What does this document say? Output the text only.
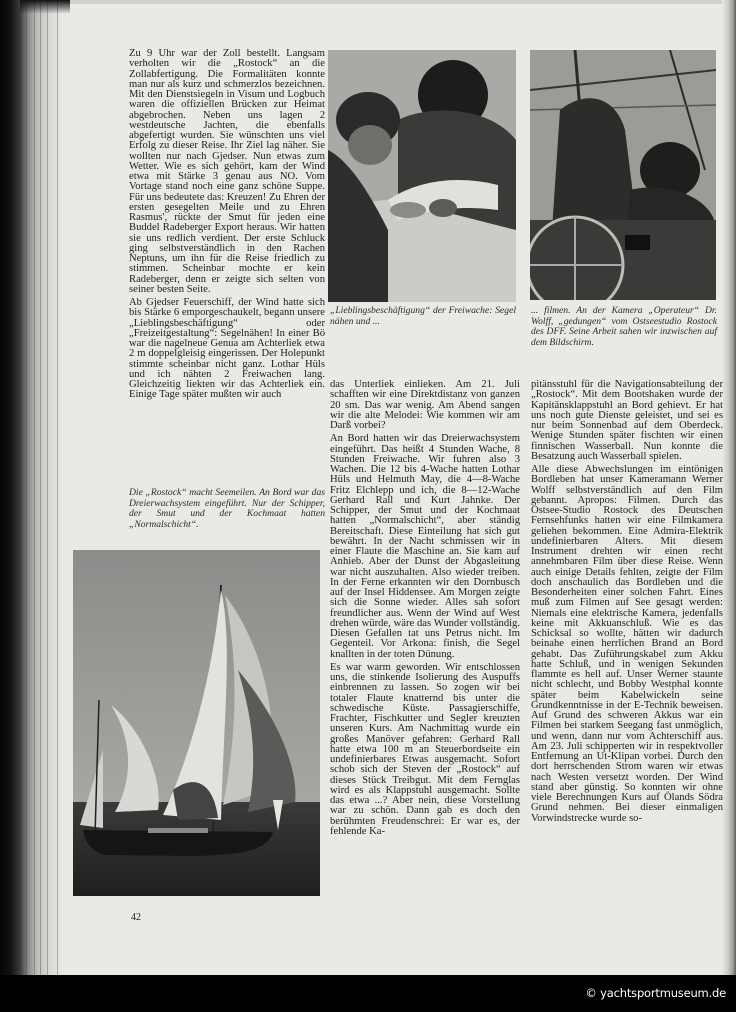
Zu 9 Uhr war der Zoll bestellt. Langsam verholten wir die „Rostock“ an die Zollabfertigung. Die Formalitäten konnte man nur als kurz und schmerzlos bezeichnen. Mit den Dienstsiegeln in Visum und Logbuch waren die offiziellen Brücken zur Heimat abgebrochen. Neben uns lagen 2 westdeutsche Jachten, die ebenfalls abgefertigt wurden. Sie wünschten uns viel Erfolg zu dieser Reise. Ihr Ziel lag näher. Sie wollten nur nach Gjedser. Nun etwas zum Wetter. Wie es sich gehört, kam der Wind etwa mit Stärke 3 genau aus NO. Vom Vortage stand noch eine ganz schöne Suppe. Für uns bedeutete das: Kreuzen! Zu Ehren der ersten gesegelten Meile und zu Ehren Rasmus', rückte der Smut für jeden eine Buddel Radeberger Export heraus. Wir hatten sie uns redlich verdient. Der erste Schluck ging selbstverständlich in den Rachen Neptuns, um ihn für die Reise friedlich zu stimmen. Scheinbar mochte er kein Radeberger, denn er zeigte sich selten von seiner besten Seite.

Ab Gjedser Feuerschiff, der Wind hatte sich bis Stärke 6 emporgeschaukelt, begann unsere „Lieblingsbeschäftigung“ oder „Freizeitgestaltung“: Segelnähen! In einer Bö war die nagelneue Genua am Achterliek etwa 2 m doppelgleisig eingerissen. Der Holepunkt stimmte scheinbar nicht ganz. Lothar Hüls und ich nähten 2 Freiwachen lang. Gleichzeitig liekten wir das Achterliek ein. Einige Tage später mußten wir auch

Die „Rostock“ macht Seemeilen. An Bord war das Dreierwachsystem eingeführt. Nur der Schipper, der Smut und der Kochmaat hatten „Normalschicht“.
„Lieblingsbeschäftigung“ der Freiwache: Segel nähen und ...

das Unterliek einlieken. Am 21. Juli schafften wir eine Direktdistanz von ganzen 20 sm. Das war wenig. Am Abend sangen wir die alte Melodei: Wie kommen wir am Darß vorbei?

An Bord hatten wir das Dreierwachsystem eingeführt. Das heißt 4 Stunden Wache, 8 Stunden Freiwache. Wir fuhren also 3 Wachen. Die 12 bis 4-Wache hatten Lothar Hüls und Helmuth May, die 4—8-Wache Fritz Elchlepp und ich, die 8—12-Wache Gerhard Rall und Kurt Jahnke. Der Schipper, der Smut und der Kochmaat hatten „Normalschicht“, aber ständig Bereitschaft. Diese Einteilung hat sich gut bewährt. In der Nacht schmissen wir in einer Flaute die Maschine an. Sie kam auf Anhieb. Aber der Dunst der Abgasleitung war nicht auszuhalten. Also wieder treiben. In der Ferne erkannten wir den Dornbusch auf der Insel Hiddensee. Am Morgen zeigte sich die Sonne wieder. Alles sah sofort freundlicher aus. Wenn der Wind auf West drehen würde, wäre das Wunder vollständig. Diesen Gefallen tat uns Petrus nicht. Im Gegenteil. Vor Arkona: finish, die Segel knallten in der toten Dünung.

Es war warm geworden. Wir entschlossen uns, die stinkende Isolierung des Auspuffs einbrennen zu lassen. So zogen wir bei totaler Flaute knatternd bis unter die schwedische Küste. Passagierschiffe, Frachter, Fischkutter und Segler kreuzten unseren Kurs. Am Nachmittag wurde ein großes Manöver gefahren: Gerhard Rall hatte etwa 100 m an Steuerbordseite ein undefinierbares Etwas ausgemacht. Sofort schob sich der Steven der „Rostock“ auf dieses Stück Treibgut. Mit dem Fernglas wird es als Klappstuhl ausgemacht. Sollte das etwa ...? Aber nein, diese Vorstellung war zu schön. Dann gab es doch den berühmten Freudenschrei: Er war es, der fehlende Ka-

... filmen. An der Kamera „Operateur“ Dr. Wolff, „gedungen“ vom Ostseestudio Rostock des DFF. Seine Arbeit sahen wir inzwischen auf dem Bildschirm.

pitänsstuhl für die Navigationsabteilung der „Rostock“. Mit dem Bootshaken wurde der Kapitänsklappstuhl an Bord gehievt. Er hat uns noch gute Dienste geleistet, und sei es nur beim Sonnenbad auf dem Oberdeck. Wenige Stunden später fischten wir einen finnischen Wasserball. Nun konnte die Besatzung auch Wasserball spielen.

Alle diese Abwechslungen im eintönigen Bordleben hat unser Kameramann Werner Wolff selbstverständlich auf den Film gebannt. Apropos: Filmen. Durch das Ostsee-Studio Rostock des Deutschen Fernsehfunks hatten wir eine Filmkamera geliehen bekommen. Eine Admira-Elektrik undefinierbaren Alters. Mit diesem Instrument drehten wir einen recht annehmbaren Film über diese Reise. Wenn auch einige Details fehlten, zeigte der Film doch anschaulich das Bordleben und die Besonderheiten einer solchen Fahrt. Eines muß zum Filmen auf See gesagt werden: Niemals eine elektrische Kamera, jedenfalls keine mit Akkuanschluß. Wie es das Schicksal so wollte, hätten wir dadurch beinahe einen herrlichen Brand an Bord gehabt. Das Zuführungskabel zum Akku hatte Schluß, und in wenigen Sekunden flammte es hell auf. Unser Werner staunte nicht schlecht, und Bobby Westphal konnte später beim Kabelwickeln seine Grundkenntnisse in der E-Technik beweisen. Auf Grund des schweren Akkus war ein Filmen bei starkem Seegang fast unmöglich, und wenn, dann nur vom Achterschiff aus. Am 23. Juli schipperten wir in respektvoller Entfernung an Ut-Klipan vorbei. Durch den dort herrschenden Strom waren wir etwas nach Westen versetzt worden. Der Wind stand aber günstig. So konnten wir ohne viele Berechnungen Kurs auf Ölands Södra Grund nehmen. Bei dieser einmaligen Vorwindstrecke wurde so-

42
© yachtsportmuseum.de
